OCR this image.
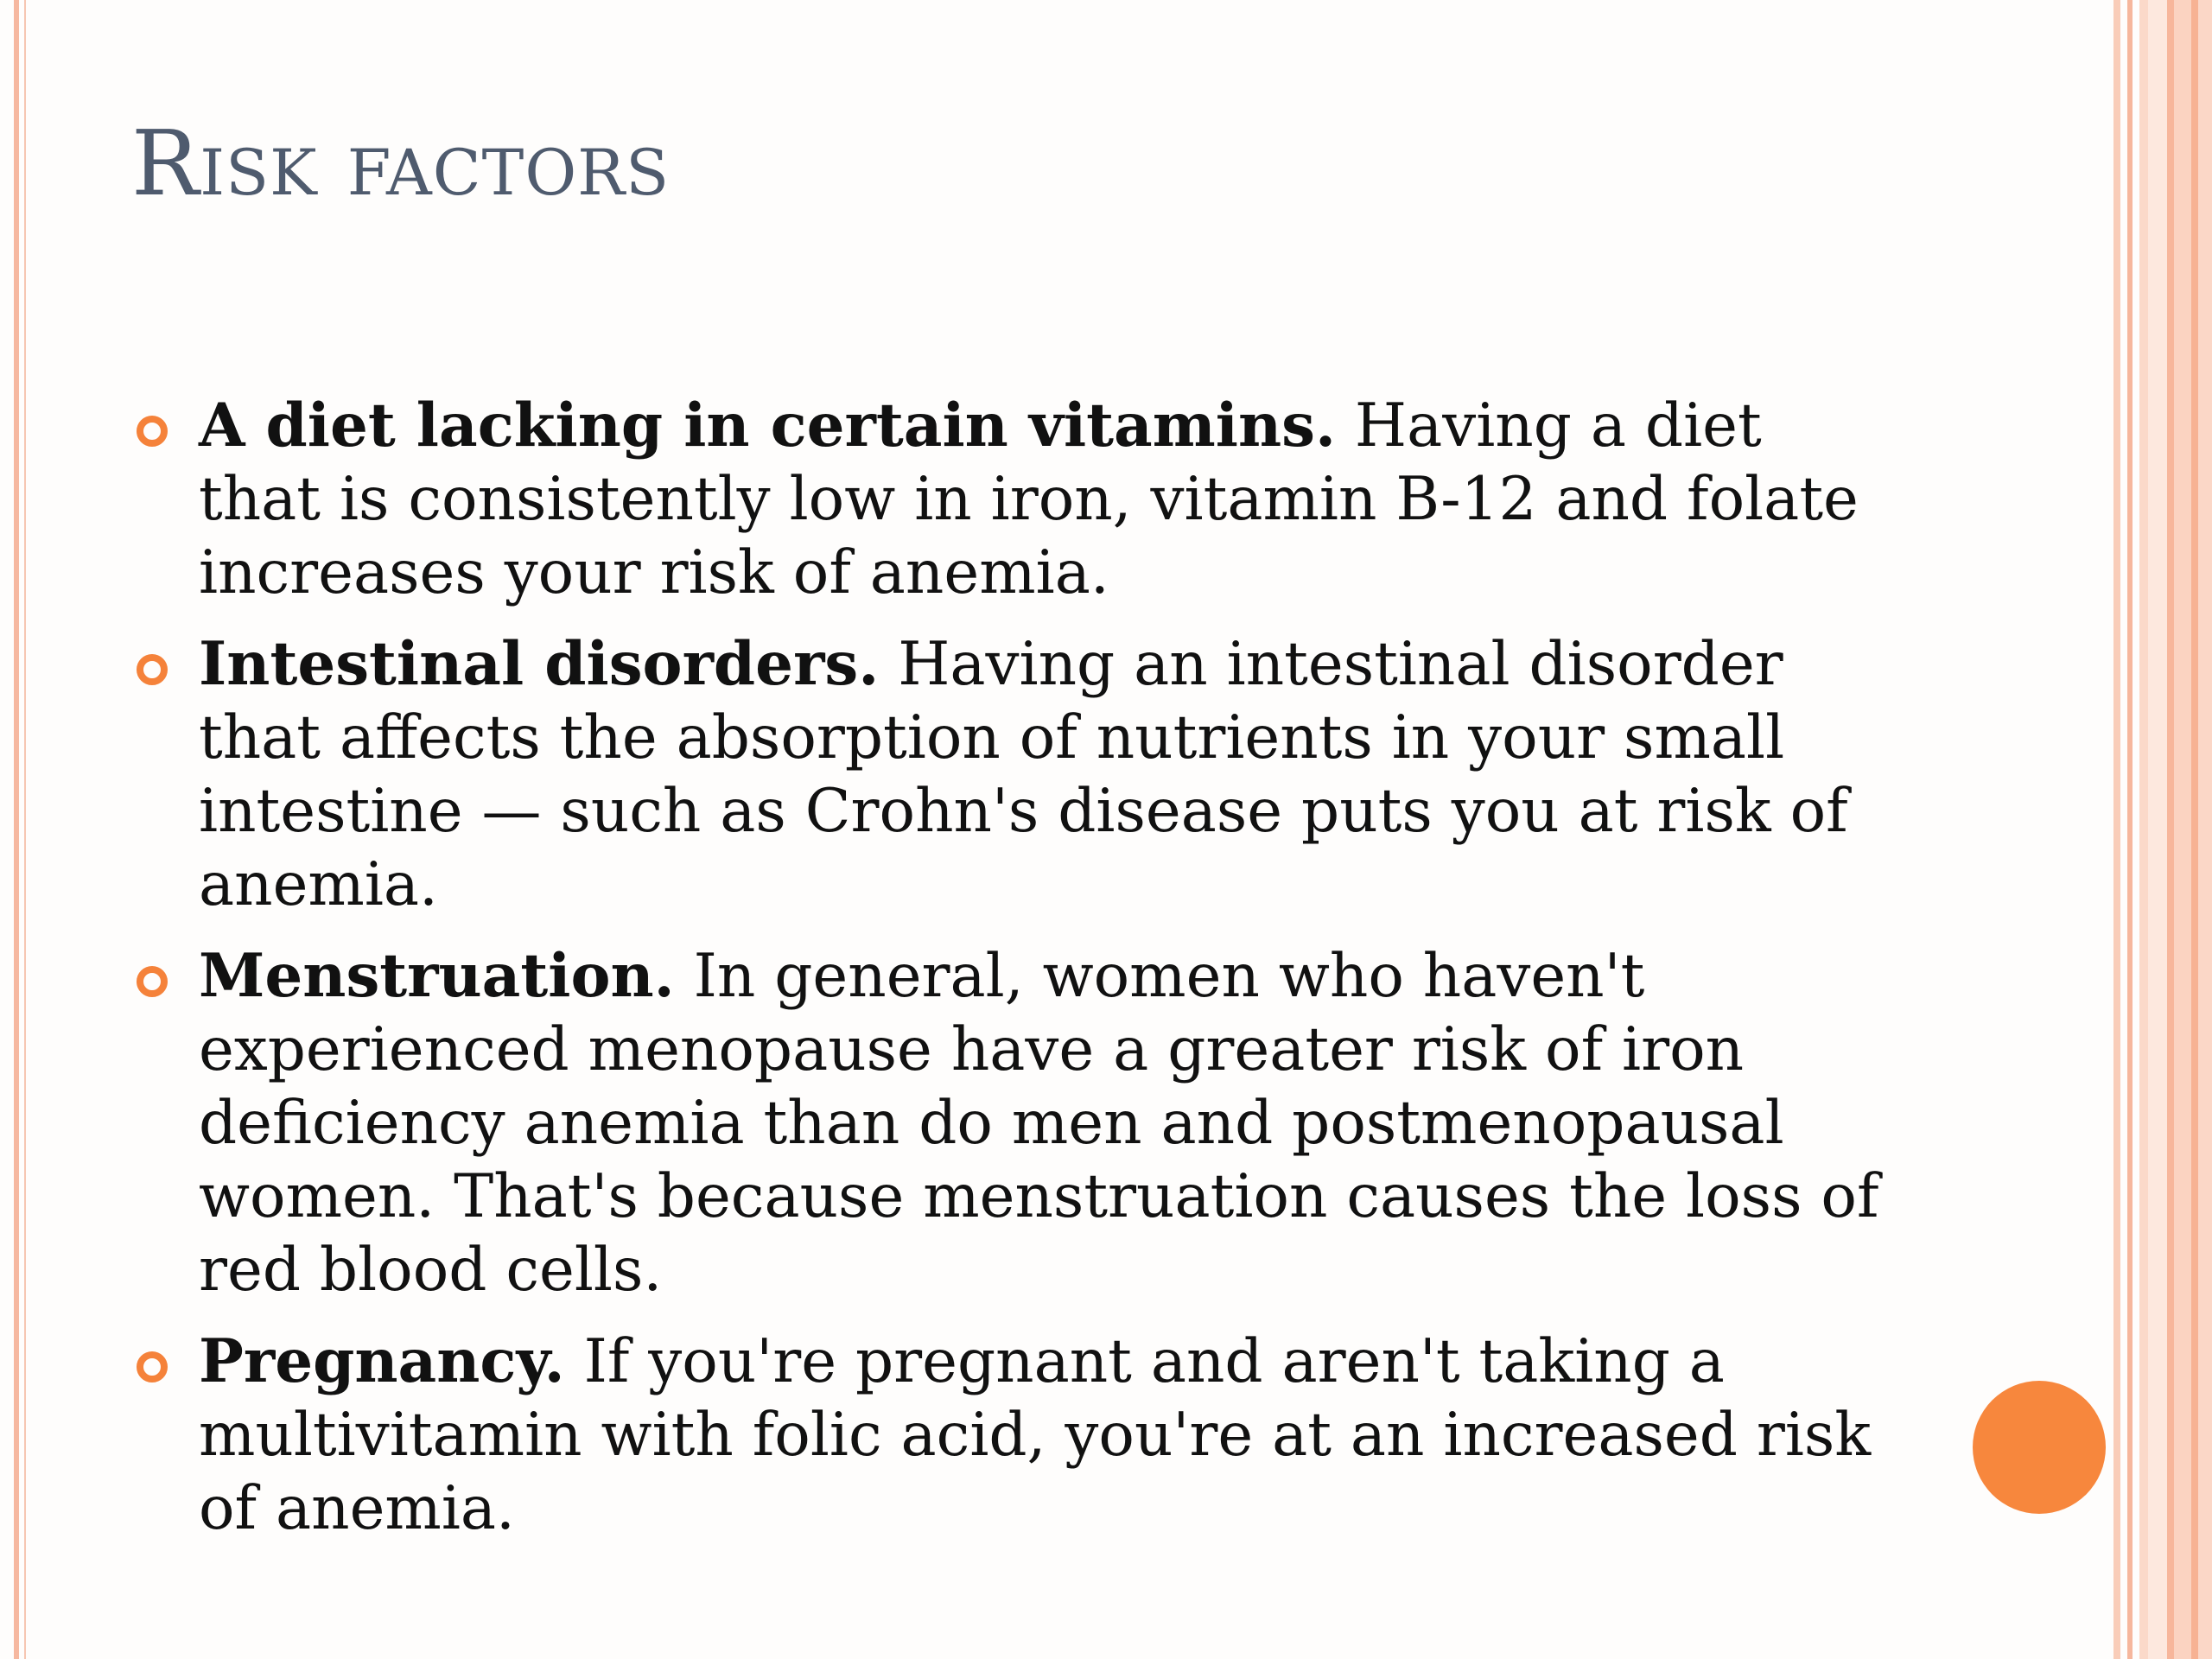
Risk factors
A diet lacking in certain vitamins. Having a diet that is consistently low in iron, vitamin B-12 and folate increases your risk of anemia.
Intestinal disorders. Having an intestinal disorder that affects the absorption of nutrients in your small intestine — such as Crohn's disease puts you at risk of anemia.
Menstruation. In general, women who haven't experienced menopause have a greater risk of iron deficiency anemia than do men and postmenopausal women. That's because menstruation causes the loss of red blood cells.
Pregnancy. If you're pregnant and aren't taking a multivitamin with folic acid, you're at an increased risk of anemia.
